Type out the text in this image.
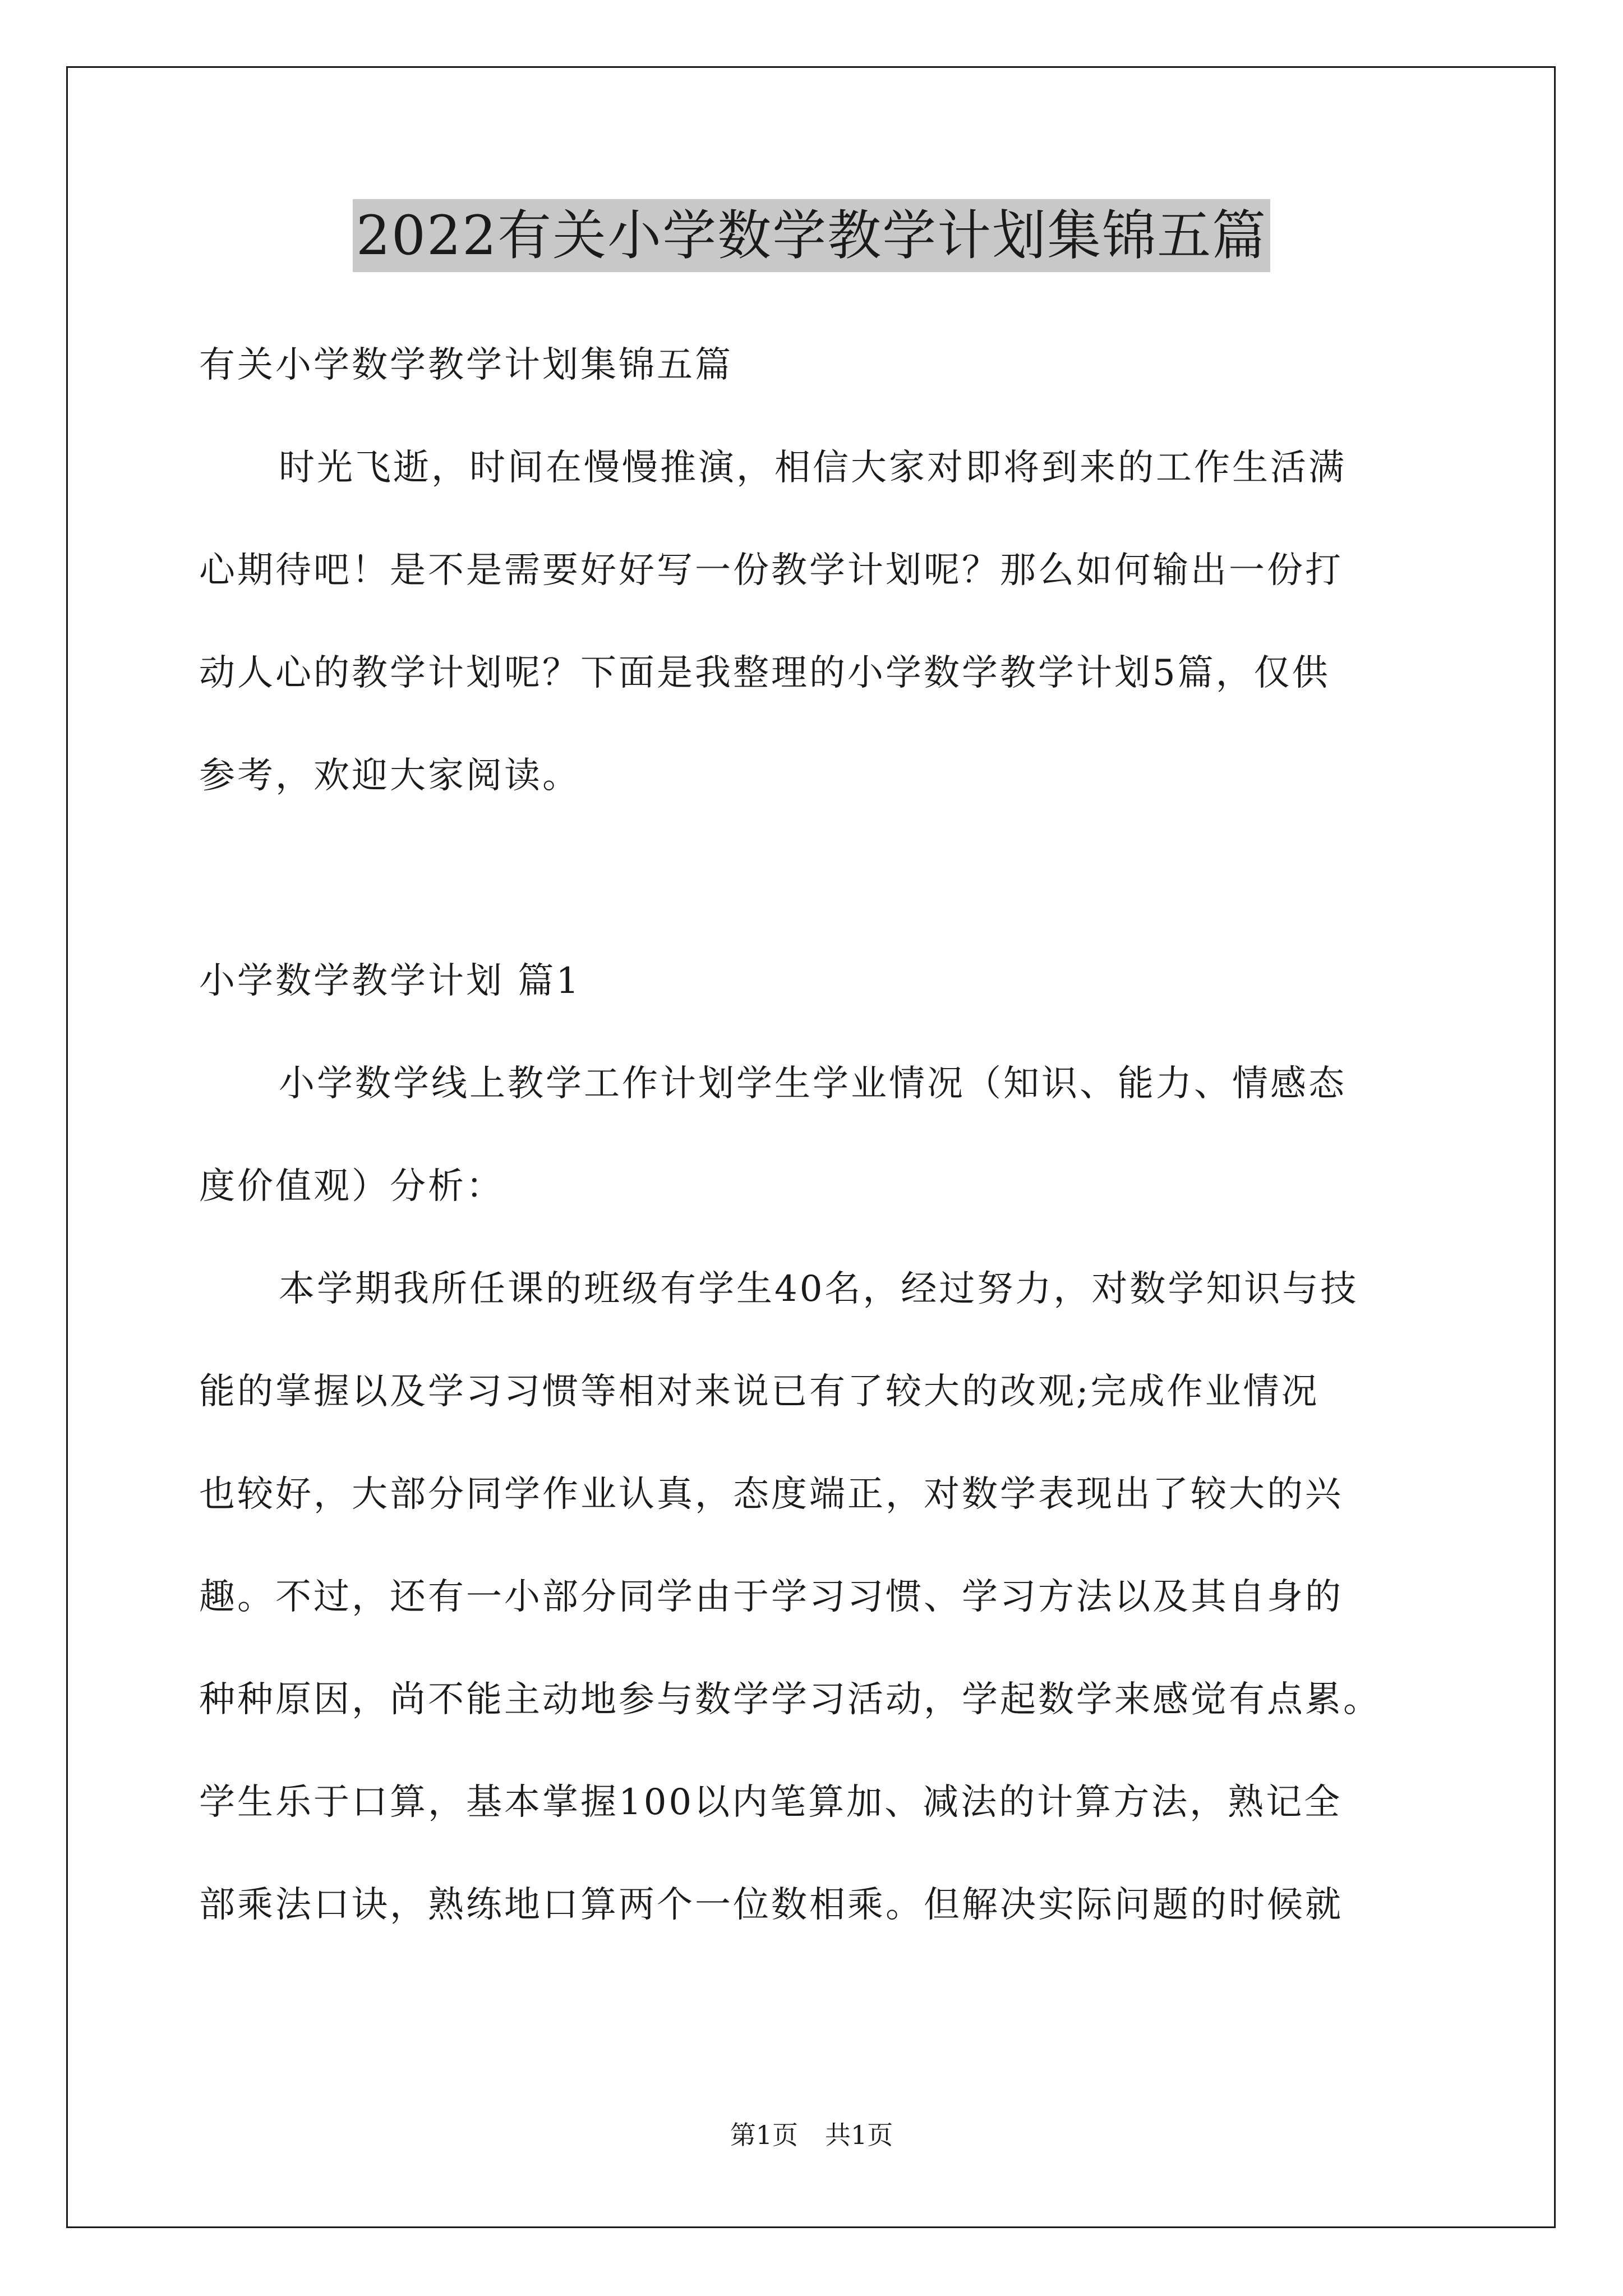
2022有关小学数学教学计划集锦五篇
有关小学数学教学计划集锦五篇
时光飞逝，时间在慢慢推演，相信大家对即将到来的工作生活满
心期待吧！是不是需要好好写一份教学计划呢？那么如何输出一份打
动人心的教学计划呢？下面是我整理的小学数学教学计划5篇，仅供
参考，欢迎大家阅读。
小学数学教学计划 篇1
小学数学线上教学工作计划学生学业情况（知识、能力、情感态
度价值观）分析：
本学期我所任课的班级有学生40名，经过努力，对数学知识与技
能的掌握以及学习习惯等相对来说已有了较大的改观;完成作业情况
也较好，大部分同学作业认真，态度端正，对数学表现出了较大的兴
趣。不过，还有一小部分同学由于学习习惯、学习方法以及其自身的
种种原因，尚不能主动地参与数学学习活动，学起数学来感觉有点累。
学生乐于口算，基本掌握100以内笔算加、减法的计算方法，熟记全
部乘法口诀，熟练地口算两个一位数相乘。但解决实际问题的时候就
第1页 共1页
